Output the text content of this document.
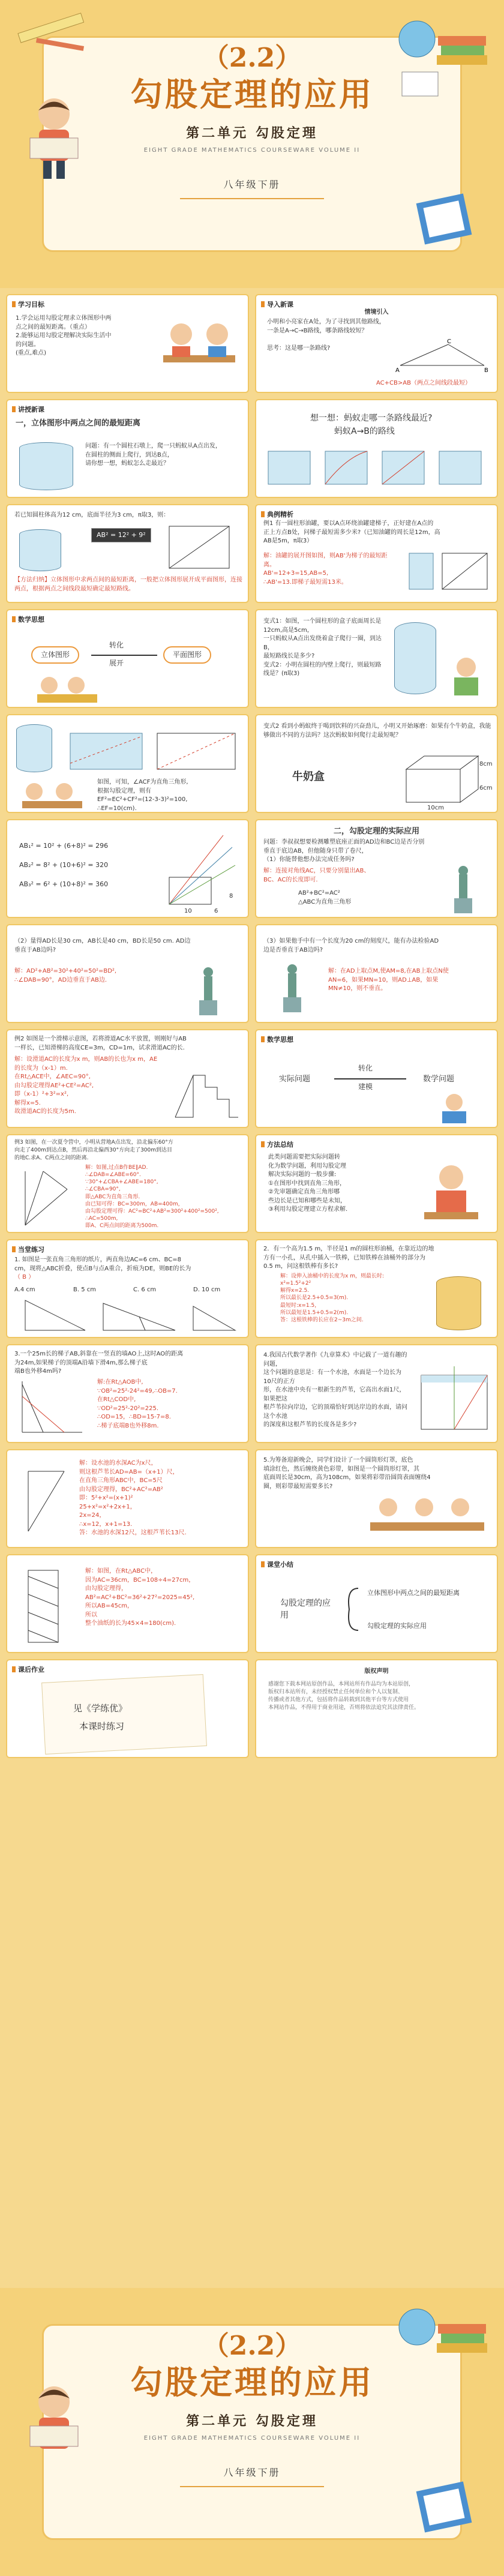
（2.2）
勾股定理的应用
第二单元 勾股定理
EIGHT GRADE MATHEMATICS COURSEWARE VOLUME II
八年级下册
学习目标
1.学会运用勾股定理求立体图形中两
点之间的最短距离。（重点）
2.能够运用勾股定理解决实际生活中
的问题。
(重点,难点)
导入新课
情境引入
小明和小亮家在A处，为了寻找到其他路线，
一条是A→C→B路线，哪条路线较短？
思考：这是哪一条路线?
A
C
B
AC+CB>AB（两点之间线段最短）
讲授新课
一，立体图形中两点之间的最短距离
问题：有一个圆柱石墩上，爬一只蚂蚁从A点出发，
在圆柱的侧面上爬行，到达B点，
请你想一想，蚂蚁怎么走最近？
想一想：蚂蚁走哪一条路线最近?
蚂蚁A→B的路线
若已知圆柱体高为12 cm，底面半径为3 cm，π取3，则：
AB² = 12² + 9²
【方法归纳】立体图形中求两点间的最短距离，一般把立体图形展开成平面图形，连接两点，根据两点之间线段最短确定最短路线。
典例精析
例1 有一圆柱形油罐，要以A点环绕油罐建梯子，正好建在A点的
正上方点B处，问梯子最短需多少米?（已知油罐的周长是12m，高
AB是5m，π取3）
解：油罐的展开图如图，则AB'为梯子的最短距离。
AB'=12+3=15,AB=5,
∴AB'=13.即梯子最短需13米。
数学思想
立体图形
转化
展开
平面图形
变式1：如图，一个圆柱形的盒子底面周长是12cm,高是5cm，
一只蚂蚁从A点出发绕着盒子爬行一圈，到达B，
最短路线长是多少?
变式2：小明在圆柱的内壁上爬行，则最短路线是？(π取3)
如图，可知，∠ACF为直角三角形,
根据勾股定理，则有
EF²=EC²+CF²=(12-3-3)²=100,
∴EF=10(cm).
变式2 看到小蚂蚁终于喝到饮料的兴奋劲儿，小明又开始琢磨：如果有个牛奶盒，我能够做出不同的方法吗？这次蚂蚁如何爬行走最短呢？
牛奶盒
8cm
6cm
10cm
AB₁² = 10² + (6+8)² = 296

AB₂² = 8² + (10+6)² = 320

AB₃² = 6² + (10+8)² = 360
10	6
8
二，勾股定理的实际应用
问题：李叔叔想要检测雕塑底座正面的AD边和BC边是否分别
垂直于底边AB，但他随身只带了卷尺，
（1）你能替他想办法完成任务吗?
解：连接对角线AC，只要分别量出AB、
BC、AC的长度即可.
AB²+BC²=AC²
△ABC为直角三角形
（2）量得AD长是30 cm，AB长是40 cm，BD长是50 cm. AD边
垂直于AB边吗?
解：AD²+AB²=30²+40²=50²=BD²,
∴∠DAB=90°，AD边垂直于AB边.
（3）如果他手中有一个长度为20 cm的刻度尺，能有办法检验AD
边是否垂直于AB边吗?
解：在AD上取点M,使AM=8,在AB上取点N使
AN=6，如果MN=10，则AD⊥AB，如果
MN≠10，则不垂直。
例2 如图是一个滑梯示意图，若将滑道AC水平放置，则刚好与AB
一样长，已知滑梯的高度CE=3m，CD=1m，试求滑道AC的长.
解：设滑道AC的长度为x m，则AB的长也为x m，AE
的长度为（x-1）m.
在Rt△ACE中，∠AEC=90°,
由勾股定理得AE²+CE²=AC²,
即（x-1）²+3²=x²,
解得x=5.
故滑道AC的长度为5m.
数学思想
实际问题
转化
建模
数学问题
例3 如图，在一次夏令营中，小明从营地A点出发，沿北偏东60°方
向走了400m到达点B，然后再沿北偏西30°方向走了300m到达目
的地C.求A、C两点之间的距离.
解：如图,过点B作BE∥AD.
∴∠DAB=∠ABE=60°.
∵30°+∠CBA+∠ABE=180°,
∴∠CBA=90°,
即△ABC为直角三角形.
由已知可得：BC=300m，AB=400m，
由勾股定理可得：AC²=BC²+AB²=300²+400²=500²,
∴AC=500m,
即A、C两点间的距离为500m.
方法总结
此类问题需要把实际问题转
化为数学问题，利用勾股定理
解决实际问题的一般步骤:
①在图形中找到直角三角形，
②先审题确定直角三角形哪
些边长是已知和哪些是未知，
③利用勾股定理建立方程求解.
当堂练习
1. 如图是一张直角三角形的纸片，两直角边AC=6 cm、BC=8
cm，现将△ABC折叠，使点B与点A重合，折痕为DE，则BE的长为
（ B ）
A.4 cm	B. 5 cm	C. 6 cm	D. 10 cm
2．有一个高为1.5 m，半径是1 m的圆柱形油桶，在靠近边的地
方有一小孔，从孔中插入一铁棒，已知铁棒在油桶外的部分为
0.5 m，问这根铁棒有多长?
解：设伸入油桶中的长度为x m，则最长时:
x²=1.5²+2²
解得x=2.5.
所以最长是2.5+0.5=3(m).
最短时:x=1.5，
所以最短是1.5+0.5=2(m).
答：这根铁棒的长应在2~3m之间.
3.一个25m长的梯子AB,斜靠在一竖直的墙AO上,这时AO的距离
为24m,如果梯子的顶端A沿墙下滑4m,那么梯子底
端B也外移4m吗?
解:在Rt△AOB中,
∵OB²=25²-24²=49,∴OB=7.
在Rt△COD中,
∵OD²=25²-20²=225.
∴OD=15，∴BD=15-7=8.
∴梯子底端B也外移8m.
4.我国古代数学著作《九章算术》中记载了一道有趣的问题，
这个问题的意思是：有一个水池，水面是一个边长为10尺的正方
形，在水池中央有一根新生的芦苇，它高出水面1尺，如果把这
根芦苇拉向岸边，它的顶端恰好到达岸边的水面，请问这个水池
的深度和这根芦苇的长度各是多少?
解：设水池的水深AC为x尺，
则这根芦苇长AD=AB=（x+1）尺，
在直角三角形ABC中，BC=5尺
由勾股定理得，BC²+AC²=AB²
即：5²+x²=(x+1)²
25+x²=x²+2x+1，
2x=24，
∴x=12，x+1=13.
答：水池的水深12尺，这根芦苇长13尺.
5.为筹备迎新晚会，同学们设计了一个圆筒形灯罩，底色
填涂红色，然后缠绕黄色彩带，如图是一个圆筒形灯罩，其
底面周长是30cm，高为108cm，如果将彩带沿圆筒表面缠绕4
圈，则彩带最短需要多长?
解：如图，在Rt△ABC中，
因为AC=36cm，BC=108÷4=27cm，
由勾股定理得，
AB²=AC²+BC²=36²+27²=2025=45²,
所以AB=45cm，
所以
整个油纸的长为45×4=180(cm).
课堂小结
勾股定理的应用
立体图形中两点之间的最短距离
勾股定理的实际应用
课后作业
见《学练优》
本课时练习
版权声明
感谢您下载本网站原创作品，本网站所有作品均为本站原创，
版权归本站所有，未经授权禁止任何单位和个人以复制、
传播或者其他方式，包括将作品转载到其他平台等方式使用
本网站作品，不得用于商业用途，否则将依法追究其法律责任。
（2.2）
勾股定理的应用
第二单元 勾股定理
EIGHT GRADE MATHEMATICS COURSEWARE VOLUME II
八年级下册
